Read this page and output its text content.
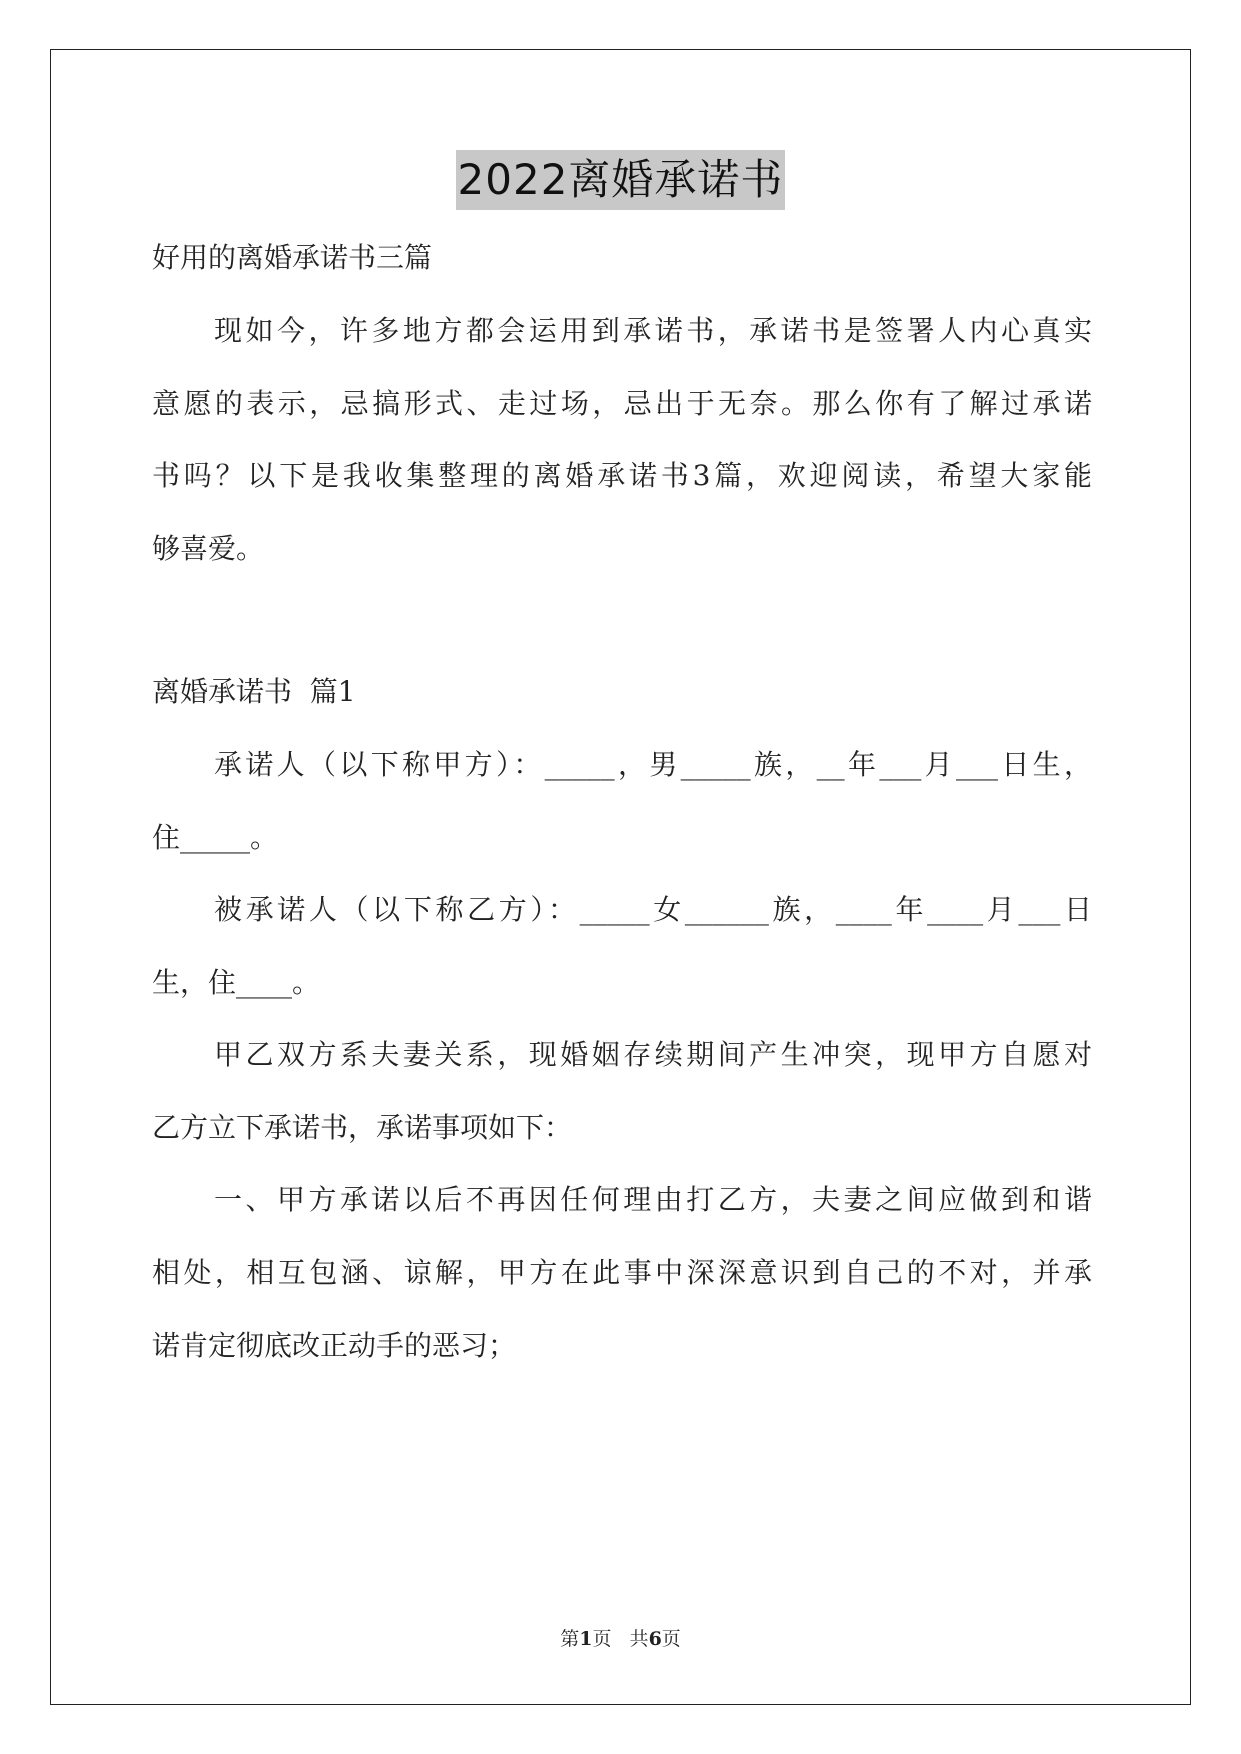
2022离婚承诺书
好用的离婚承诺书三篇
现如今，许多地方都会运用到承诺书，承诺书是签署人内心真实
意愿的表示，忌搞形式、走过场，忌出于无奈。那么你有了解过承诺
书吗？以下是我收集整理的离婚承诺书3篇，欢迎阅读，希望大家能
够喜爱。
离婚承诺书  篇1
承诺人（以下称甲方）：_____，男_____族，__年___月___日生，
住_____。
被承诺人（以下称乙方）：_____女______族，____年____月___日
生，住____。
甲乙双方系夫妻关系，现婚姻存续期间产生冲突，现甲方自愿对
乙方立下承诺书，承诺事项如下：
一、甲方承诺以后不再因任何理由打乙方，夫妻之间应做到和谐
相处，相互包涵、谅解，甲方在此事中深深意识到自己的不对，并承
诺肯定彻底改正动手的恶习；
第1页   共6页
